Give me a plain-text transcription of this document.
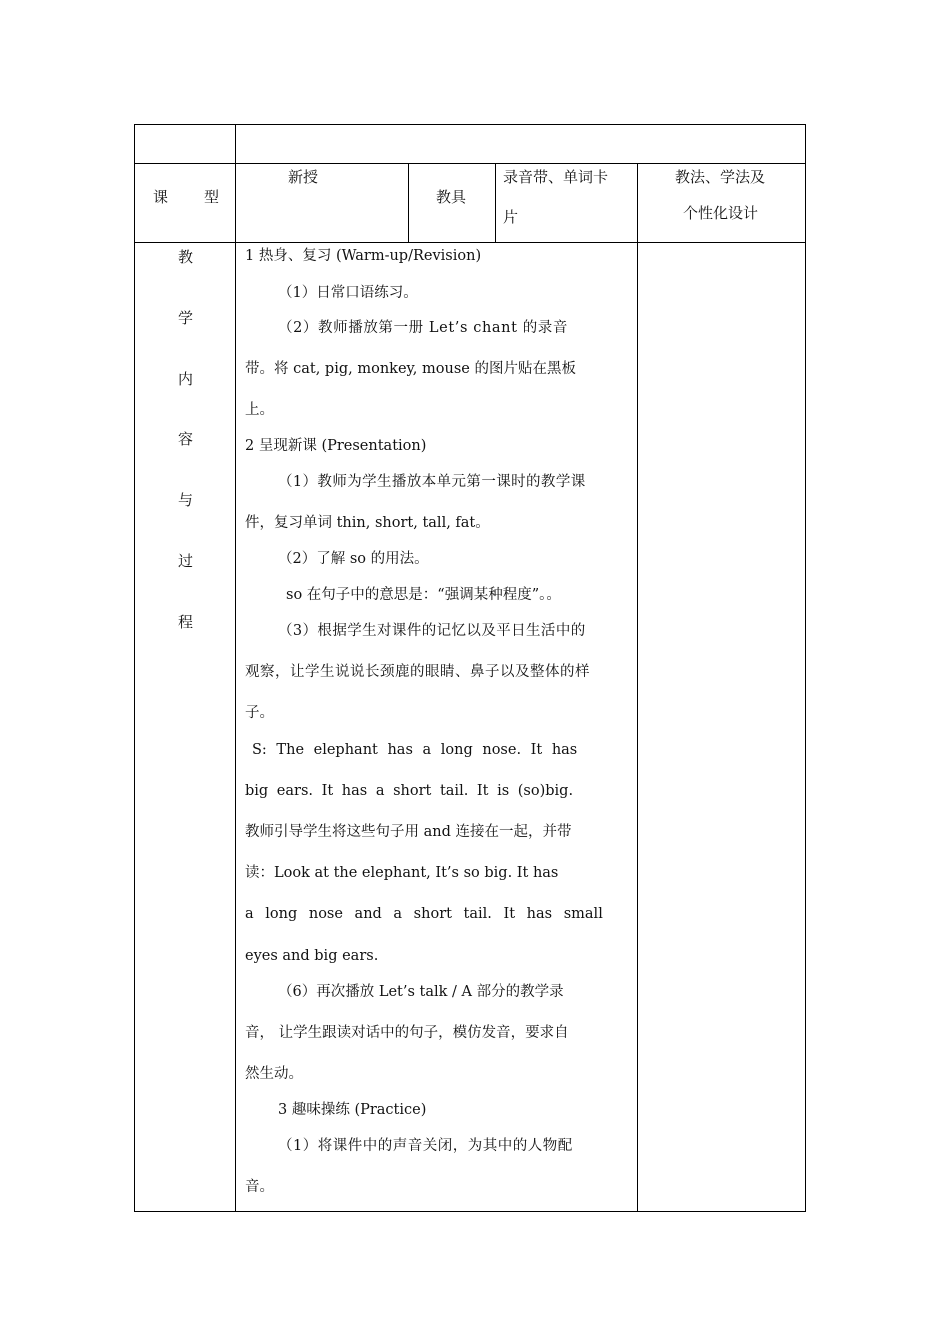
课　　型
新授
教具
录音带、单词卡
片
教法、学法及
个性化设计
教
学
内
容
与
过
程
1 热身、复习 (Warm-up/Revision)
（1）日常口语练习。
（2）教师播放第一册 Let’s chant 的录音
带。将 cat, pig, monkey, mouse 的图片贴在黑板
上。
2 呈现新课 (Presentation)
（1）教师为学生播放本单元第一课时的教学课
件，复习单词 thin, short, tall, fat。
（2）了解 so 的用法。
so 在句子中的意思是：“强调某种程度”。。
（3）根据学生对课件的记忆以及平日生活中的
观察，让学生说说长颈鹿的眼睛、鼻子以及整体的样
子。
S: The elephant has a long nose. It has
big ears. It has a short tail. It is (so)big.
教师引导学生将这些句子用 and 连接在一起，并带
读：Look at the elephant, It’s so big. It has
a long nose and a short tail. It has small
eyes and big ears.
（6）再次播放 Let’s talk / A 部分的教学录
音， 让学生跟读对话中的句子，模仿发音，要求自
然生动。
3 趣味操练 (Practice)
（1）将课件中的声音关闭，为其中的人物配
音。
